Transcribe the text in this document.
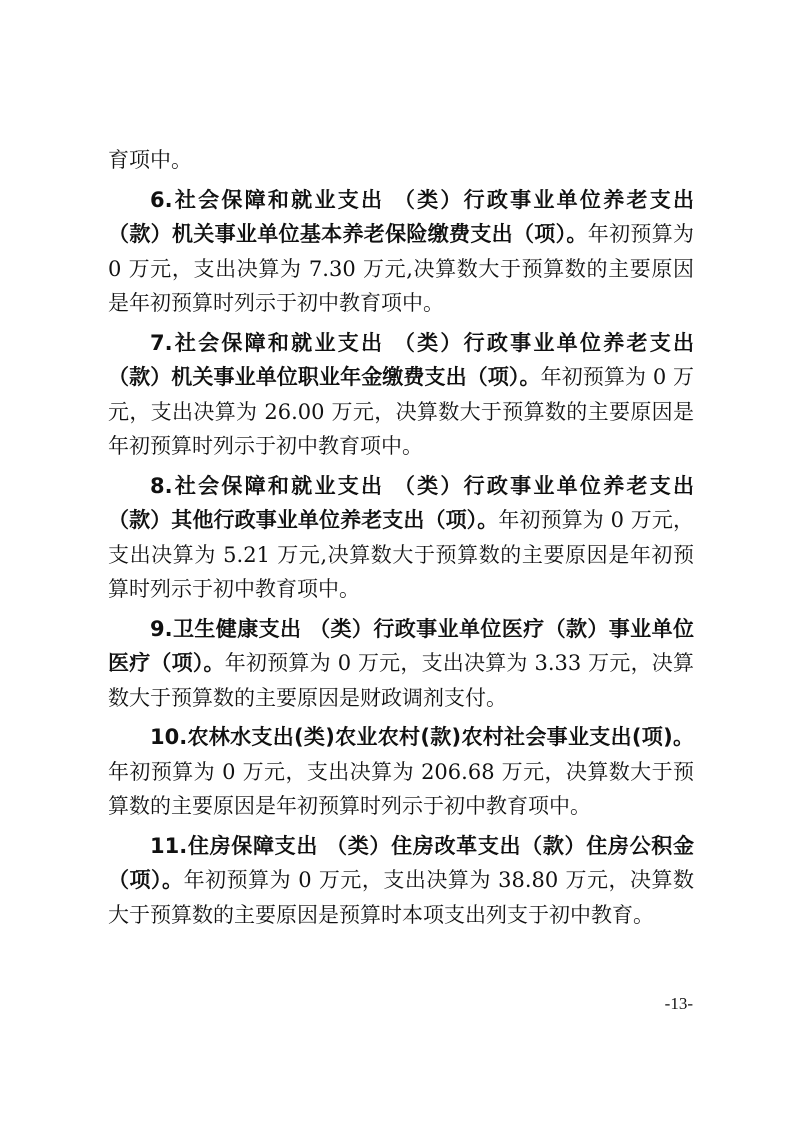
育项中。

6.社会保障和就业支出 （类）行政事业单位养老支出（款）机关事业单位基本养老保险缴费支出（项）。年初预算为 0 万元，支出决算为 7.30 万元,决算数大于预算数的主要原因是年初预算时列示于初中教育项中。

7.社会保障和就业支出 （类）行政事业单位养老支出（款）机关事业单位职业年金缴费支出（项）。年初预算为 0 万元，支出决算为 26.00 万元，决算数大于预算数的主要原因是年初预算时列示于初中教育项中。

8.社会保障和就业支出 （类）行政事业单位养老支出（款）其他行政事业单位养老支出（项）。年初预算为 0 万元，支出决算为 5.21 万元,决算数大于预算数的主要原因是年初预算时列示于初中教育项中。

9.卫生健康支出 （类）行政事业单位医疗（款）事业单位医疗（项）。年初预算为 0 万元，支出决算为 3.33 万元，决算数大于预算数的主要原因是财政调剂支付。

10.农林水支出(类)农业农村(款)农村社会事业支出(项)。年初预算为 0 万元，支出决算为 206.68 万元，决算数大于预算数的主要原因是年初预算时列示于初中教育项中。

11.住房保障支出 （类）住房改革支出（款）住房公积金（项）。年初预算为 0 万元，支出决算为 38.80 万元，决算数大于预算数的主要原因是预算时本项支出列支于初中教育。

-13-
